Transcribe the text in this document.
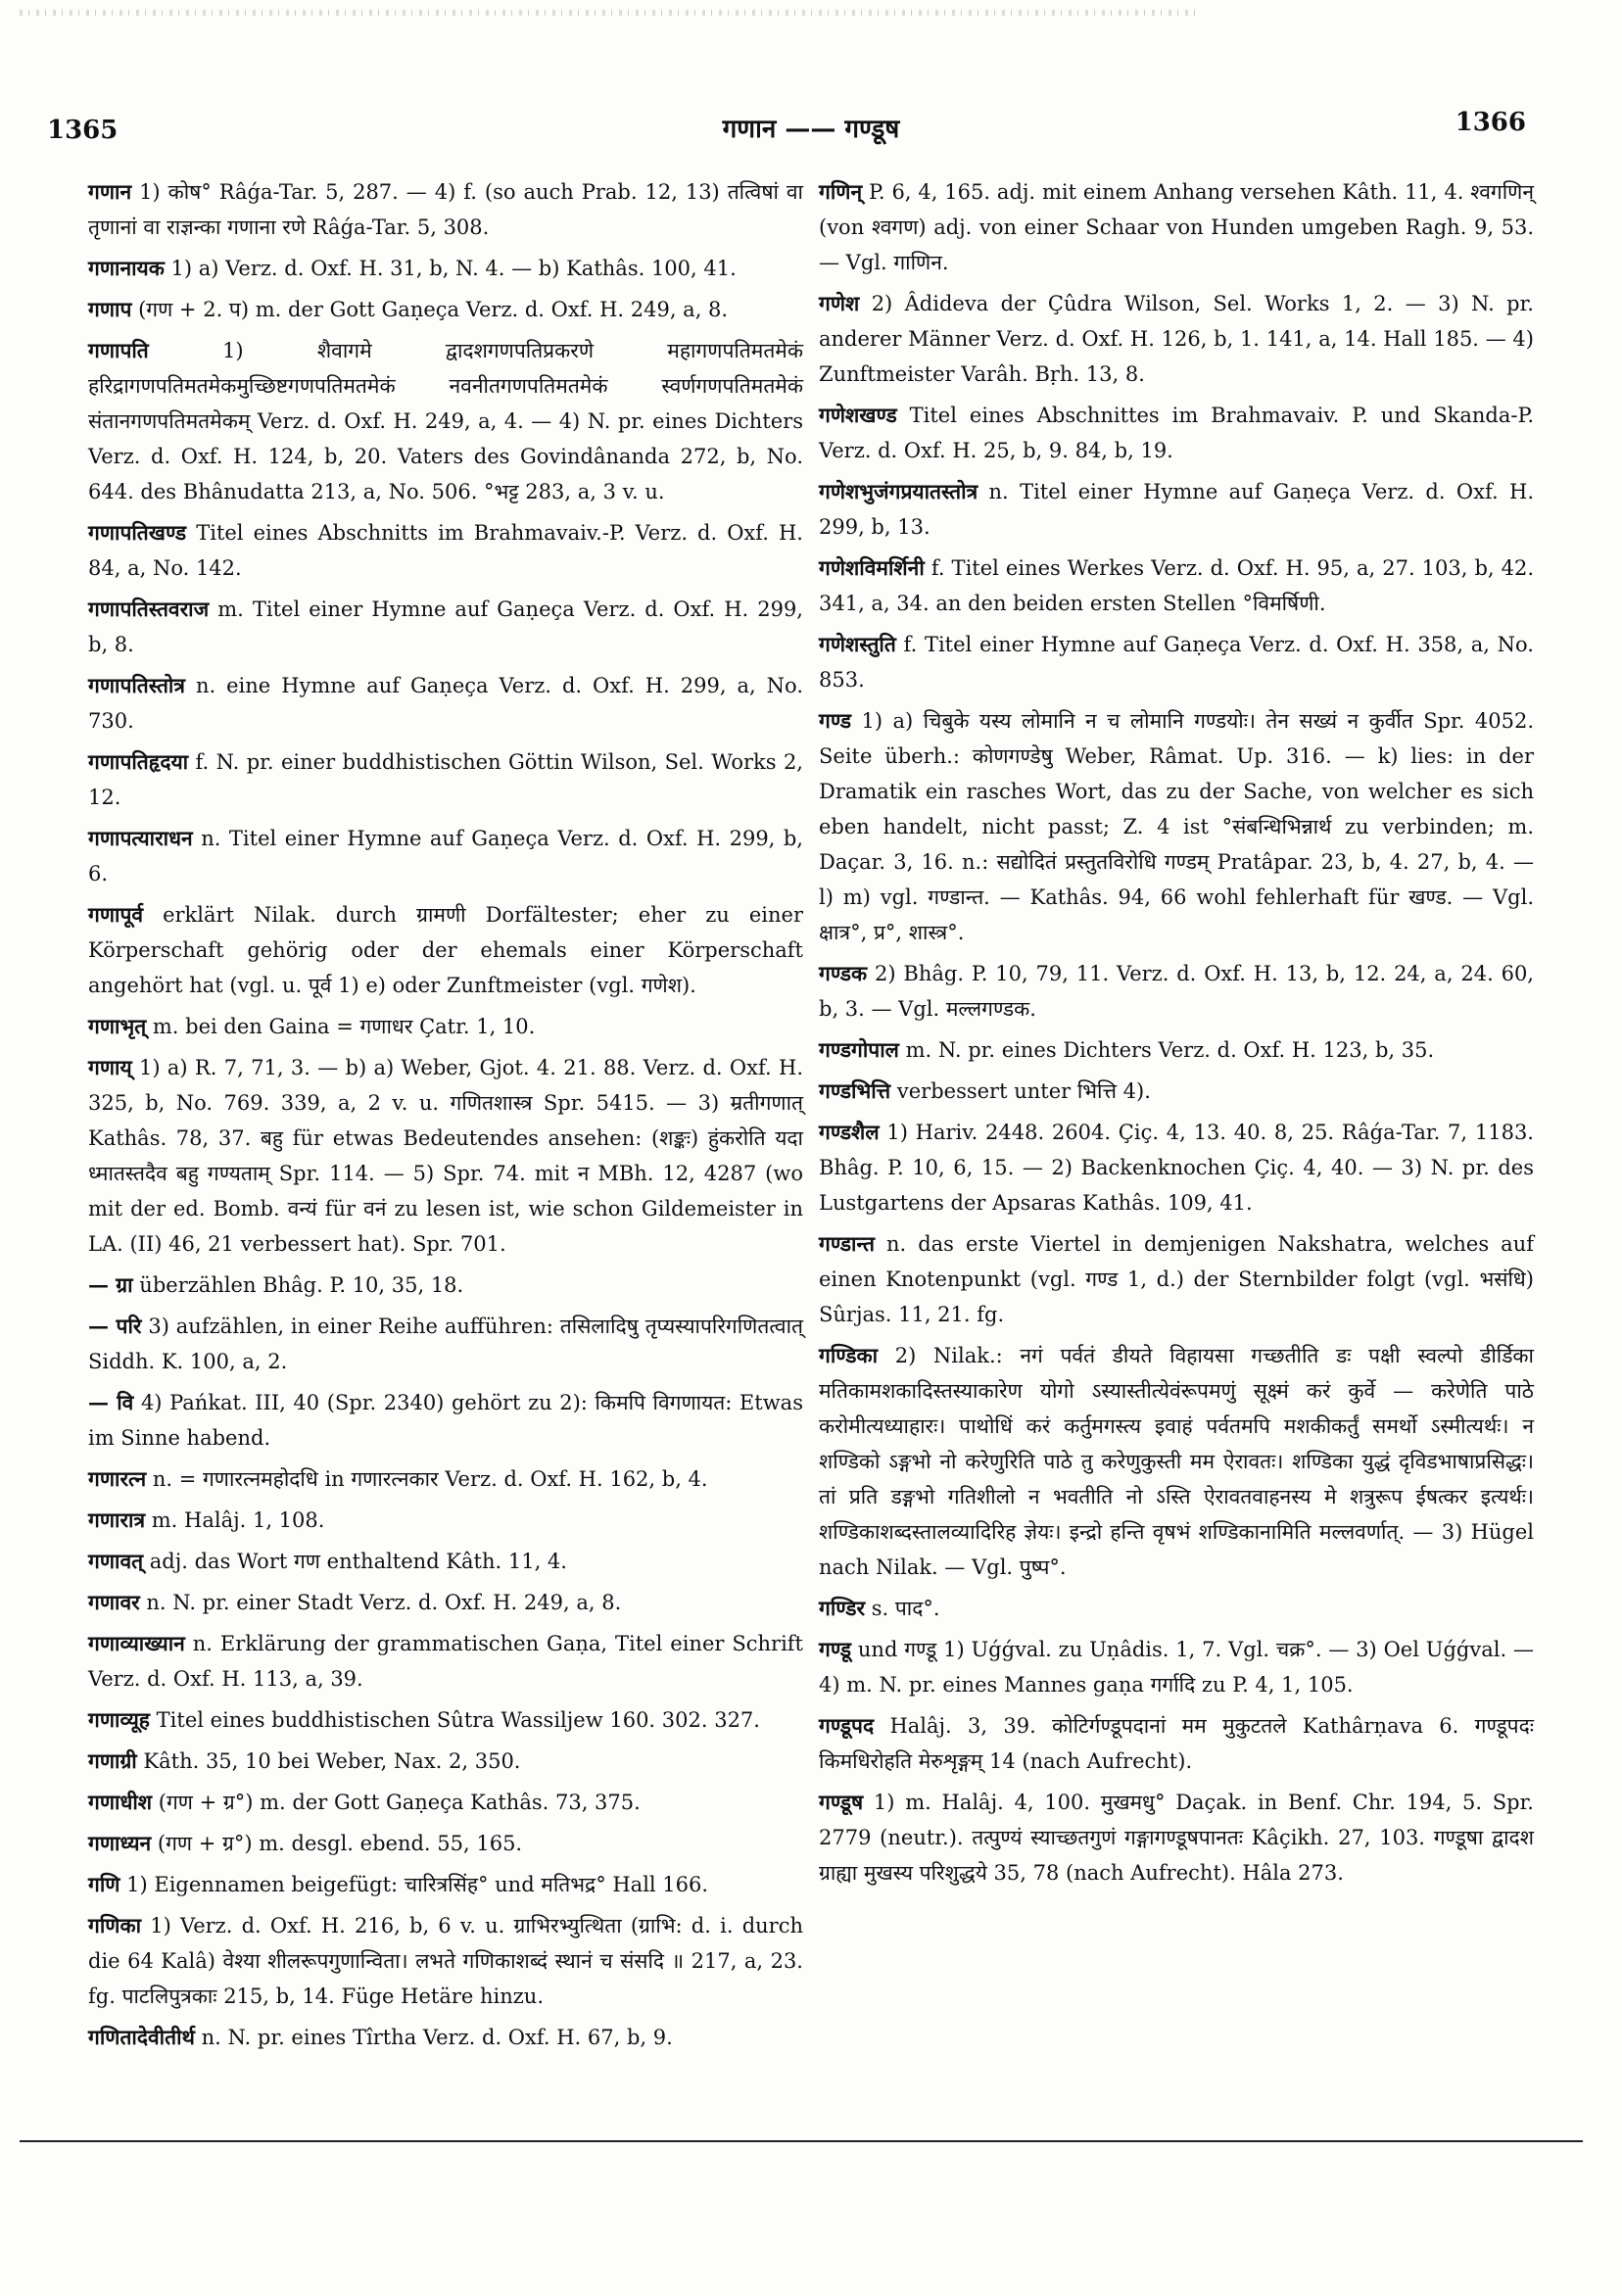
1365	गणान —— गण्डूष	1366

गणान 1) कोष° Râǵa-Tar. 5, 287. — 4) f. (so auch Prab. 12, 13) तत्विषां वा तृणानां वा राज्ञन्का गणाना रणे Râǵa-Tar. 5, 308.

गणानायक 1) a) Verz. d. Oxf. H. 31, b, N. 4. — b) Kathâs. 100, 41.

गणाप (गण + 2. प) m. der Gott Gaṇeça Verz. d. Oxf. H. 249, a, 8.

गणापति	1) शैवागमे द्वादशगणपतिप्रकरणे महागणपतिमतमेकं हरिद्रागणपतिमतमेकमुच्छिष्टगणपतिमतमेकं नवनीतगणपतिमतमेकं स्वर्णगणपतिमतमेकं संतानगणपतिमतमेकम् Verz. d. Oxf. H. 249, a, 4. — 4) N. pr. eines Dichters Verz. d. Oxf. H. 124, b, 20. Vaters des Govindânanda 272, b, No. 644. des Bhânudatta 213, a, No. 506. °भट्ट 283, a, 3 v. u.

गणापतिखण्ड Titel eines Abschnitts im Brahmavaiv.-P. Verz. d. Oxf. H. 84, a, No. 142.

गणापतिस्तवराज m. Titel einer Hymne auf Gaṇeça Verz. d. Oxf. H. 299, b, 8.

गणापतिस्तोत्र n. eine Hymne auf Gaṇeça Verz. d. Oxf. H. 299, a, No. 730.

गणापतिहृदया f. N. pr. einer buddhistischen Göttin Wilson, Sel. Works 2, 12.

गणापत्याराधन n. Titel einer Hymne auf Gaṇeça Verz. d. Oxf. H. 299, b, 6.

गणापूर्व erklärt Nilak. durch ग्रामणी Dorfältester; eher zu einer Körperschaft gehörig oder der ehemals einer Körperschaft angehört hat (vgl. u. पूर्व 1) e) oder Zunftmeister (vgl. गणेश).

गणाभृत् m. bei den Gaina = गणाधर Çatr. 1, 10.

गणाय् 1) a) R. 7, 71, 3. — b) a) Weber, Gjot. 4. 21. 88. Verz. d. Oxf. H. 325, b, No. 769. 339, a, 2 v. u. गणितशास्त्र Spr. 5415. — 3) म्रतीगणात् Kathâs. 78, 37. बहु für etwas Bedeutendes ansehen: (शङ्कः) हुंकरोति यदा ध्मातस्तदैव बहु गण्यताम् Spr. 114. — 5) Spr. 74. mit न MBh. 12, 4287 (wo mit der ed. Bomb. वन्यं für वनं zu lesen ist, wie schon Gildemeister in LA. (II) 46, 21 verbessert hat). Spr. 701.

— ग्रा überzählen Bhâg. P. 10, 35, 18.

— परि 3) aufzählen, in einer Reihe aufführen: तसिलादिषु तृप्यस्यापरिगणितत्वात् Siddh. K. 100, a, 2.

— वि 4) Pańkat. III, 40 (Spr. 2340) gehört zu 2): किमपि विगणायत: Etwas im Sinne habend.

गणारत्न n. = गणारत्नमहोदधि in गणारत्नकार Verz. d. Oxf. H. 162, b, 4.

गणारात्र m. Halâj. 1, 108.

गणावत् adj. das Wort गण enthaltend Kâth. 11, 4.

गणावर n. N. pr. einer Stadt Verz. d. Oxf. H. 249, a, 8.

गणाव्याख्यान n. Erklärung der grammatischen Gaṇa, Titel einer Schrift Verz. d. Oxf. H. 113, a, 39.

गणाव्यूह Titel eines buddhistischen Sûtra Wassiljew 160. 302. 327.

गणाग्री Kâth. 35, 10 bei Weber, Nax. 2, 350.

गणाधीश (गण + ग्र°) m. der Gott Gaṇeça Kathâs. 73, 375.

गणाध्यन (गण + ग्र°) m. desgl. ebend. 55, 165.

गणि 1) Eigennamen beigefügt: चारित्रसिंह° und मतिभद्र° Hall 166.

गणिका 1) Verz. d. Oxf. H. 216, b, 6 v. u. ग्राभिरभ्युत्थिता (ग्राभि: d. i. durch die 64 Kalâ) वेश्या शीलरूपगुणान्विता। लभते गणिकाशब्दं स्थानं च संसदि ॥ 217, a, 23. fg. पाटलिपुत्रकाः 215, b, 14. Füge Hetäre hinzu.

गणितादेवीतीर्थ n. N. pr. eines Tîrtha Verz. d. Oxf. H. 67, b, 9.

गणिन् P. 6, 4, 165. adj. mit einem Anhang versehen Kâth. 11, 4. श्वगणिन् (von श्वगण) adj. von einer Schaar von Hunden umgeben Ragh. 9, 53. — Vgl. गाणिन.

गणेश 2) Âdideva der Çûdra Wilson, Sel. Works 1, 2. — 3) N. pr. anderer Männer Verz. d. Oxf. H. 126, b, 1. 141, a, 14. Hall 185. — 4) Zunftmeister Varâh. Bṛh. 13, 8.

गणेशखण्ड Titel eines Abschnittes im Brahmavaiv. P. und Skanda-P. Verz. d. Oxf. H. 25, b, 9. 84, b, 19.

गणेशभुजंगप्रयातस्तोत्र n. Titel einer Hymne auf Gaṇeça Verz. d. Oxf. H. 299, b, 13.

गणेशविमर्शिनी f. Titel eines Werkes Verz. d. Oxf. H. 95, a, 27. 103, b, 42. 341, a, 34. an den beiden ersten Stellen °विमर्षिणी.

गणेशस्तुति f. Titel einer Hymne auf Gaṇeça Verz. d. Oxf. H. 358, a, No. 853.

गण्ड 1) a) चिबुके यस्य लोमानि न च लोमानि गण्डयोः। तेन सख्यं न कुर्वीत Spr. 4052. Seite überh.: कोणगण्डेषु Weber, Râmat. Up. 316. — k) lies: in der Dramatik ein rasches Wort, das zu der Sache, von welcher es sich eben handelt, nicht passt; Z. 4 ist °संबन्धिभिन्नार्थ zu verbinden; m. Daçar. 3, 16. n.: सद्योदितं प्रस्तुतविरोधि गण्डम् Pratâpar. 23, b, 4. 27, b, 4. — l) m) vgl. गण्डान्त. — Kathâs. 94, 66 wohl fehlerhaft für खण्ड. — Vgl. क्षात्र°, प्र°, शास्त्र°.

गण्डक 2) Bhâg. P. 10, 79, 11. Verz. d. Oxf. H. 13, b, 12. 24, a, 24. 60, b, 3. — Vgl. मल्लगण्डक.

गण्डगोपाल m. N. pr. eines Dichters Verz. d. Oxf. H. 123, b, 35.

गण्डभित्ति verbessert unter भित्ति 4).

गण्डशैल 1) Hariv. 2448. 2604. Çiç. 4, 13. 40. 8, 25. Râǵa-Tar. 7, 1183. Bhâg. P. 10, 6, 15. — 2) Backenknochen Çiç. 4, 40. — 3) N. pr. des Lustgartens der Apsaras Kathâs. 109, 41.

गण्डान्त n. das erste Viertel in demjenigen Nakshatra, welches auf einen Knotenpunkt (vgl. गण्ड 1, d.) der Sternbilder folgt (vgl. भसंधि) Sûrjas. 11, 21. fg.

गण्डिका 2) Nilak.: नगं पर्वतं डीयते विहायसा गच्छतीति डः पक्षी स्वल्पो डीर्डिका मतिकामशकादिस्तस्याकारेण योगो ऽस्यास्तीत्येवंरूपमणुं सूक्ष्मं करं कुर्वे — करेणेति पाठे करोमीत्यध्याहारः। पाथोधिं करं कर्तुमगस्त्य इवाहं पर्वतमपि मशकीकर्तुं समर्थो ऽस्मीत्यर्थः। न शण्डिको ऽङ्गभो नो करेणुरिति पाठे तु करेणुकुस्ती मम ऐरावतः। शण्डिका युद्धं दृविडभाषाप्रसिद्धः। तां प्रति डङ्गभो गतिशीलो न भवतीति नो ऽस्ति ऐरावतवाहनस्य मे शत्रुरूप ईषत्कर इत्यर्थः। शण्डिकाशब्दस्तालव्यादिरिह ज्ञेयः। इन्द्रो हन्ति वृषभं शण्डिकानामिति मल्लवर्णात्. — 3) Hügel nach Nilak. — Vgl. पुष्प°.

गण्डिर s. पाद°.

गण्डू und गण्डू 1) Uǵǵval. zu Uṇâdis. 1, 7. Vgl. चक्र°. — 3) Oel Uǵǵval. — 4) m. N. pr. eines Mannes gaṇa गर्गादि zu P. 4, 1, 105.

गण्डूपद Halâj. 3, 39. कोटिर्गण्डूपदानां मम मुकुटतले Kathârṇava 6. गण्डूपदः किमधिरोहति मेरुशृङ्गम् 14 (nach Aufrecht).

गण्डूष 1) m. Halâj. 4, 100. मुखमधु° Daçak. in Benf. Chr. 194, 5. Spr. 2779 (neutr.). तत्पुण्यं स्याच्छतगुणं गङ्गागण्डूषपानतः Kâçikh. 27, 103. गण्डूषा द्वादश ग्राह्या मुखस्य परिशुद्धये 35, 78 (nach Aufrecht). Hâla 273.
